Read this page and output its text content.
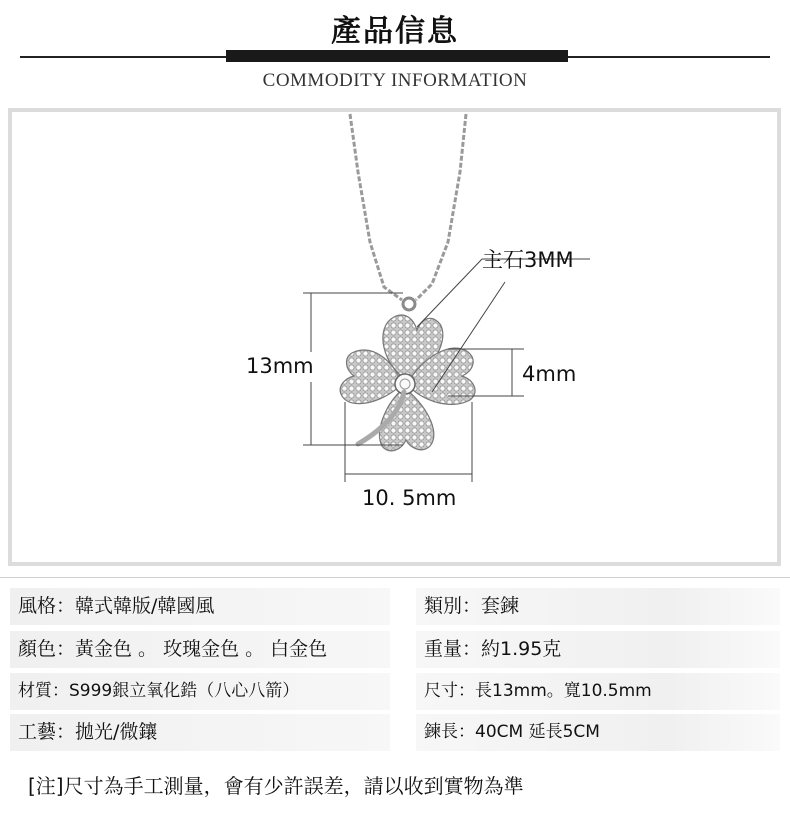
產品信息
COMMODITY INFORMATION
主石3MM
13mm	4mm
10. 5mm
風格：韓式韓版/韓國風
顏色：黃金色 。 玫瑰金色 。 白金色
材質：S999銀立氧化鋯（八心八箭）
工藝：拋光/微鑲
類別：套鍊
重量：約1.95克
尺寸：長13mm。寬10.5mm
鍊長：40CM 延長5CM
[注]尺寸為手工測量，會有少許誤差，請以收到實物為準
